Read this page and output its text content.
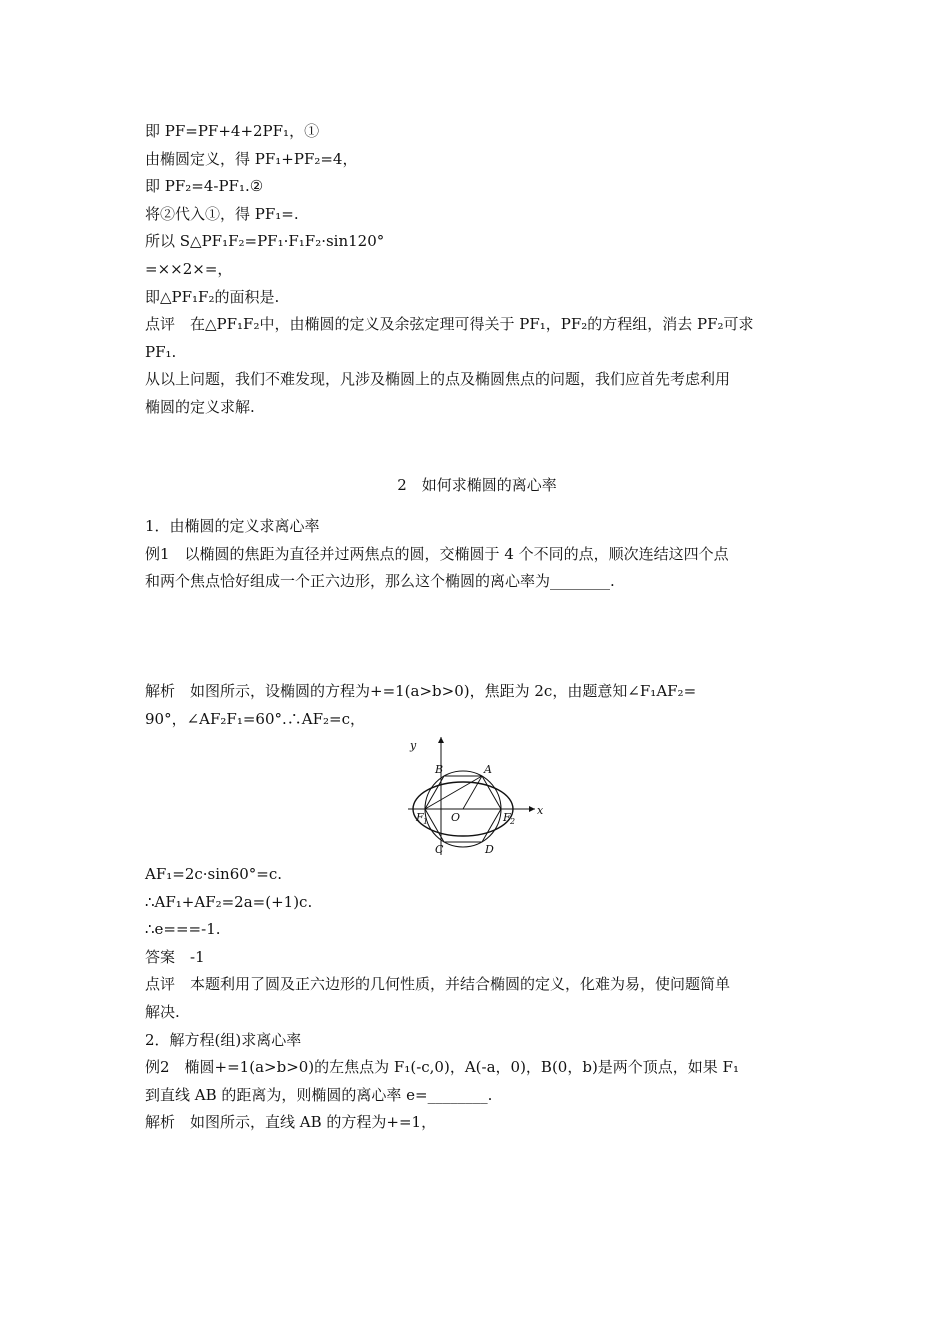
即 PF=PF+4+2PF₁，①

由椭圆定义，得 PF₁+PF₂=4，

即 PF₂=4-PF₁.②

将②代入①，得 PF₁=.

所以 S△PF₁F₂=PF₁·F₁F₂·sin120°

=××2×=，

即△PF₁F₂的面积是.

点评　在△PF₁F₂中，由椭圆的定义及余弦定理可得关于 PF₁，PF₂的方程组，消去 PF₂可求

PF₁.

从以上问题，我们不难发现，凡涉及椭圆上的点及椭圆焦点的问题，我们应首先考虑利用

椭圆的定义求解.

2　如何求椭圆的离心率

1．由椭圆的定义求离心率

例1　以椭圆的焦距为直径并过两焦点的圆，交椭圆于 4 个不同的点，顺次连结这四个点

和两个焦点恰好组成一个正六边形，那么这个椭圆的离心率为________.

解析　如图所示，设椭圆的方程为+=1(a>b>0)，焦距为 2c，由题意知∠F₁AF₂=

90°，∠AF₂F₁=60°.∴AF₂=c，

y
x
O
A
B
C	D
F 1	F 2

AF₁=2c·sin60°=c.

∴AF₁+AF₂=2a=(+1)c.

∴e===-1.

答案　-1

点评　本题利用了圆及正六边形的几何性质，并结合椭圆的定义，化难为易，使问题简单

解决.

2．解方程(组)求离心率

例2　椭圆+=1(a>b>0)的左焦点为 F₁(-c,0)，A(-a，0)，B(0，b)是两个顶点，如果 F₁

到直线 AB 的距离为，则椭圆的离心率 e=________.

解析　如图所示，直线 AB 的方程为+=1，
